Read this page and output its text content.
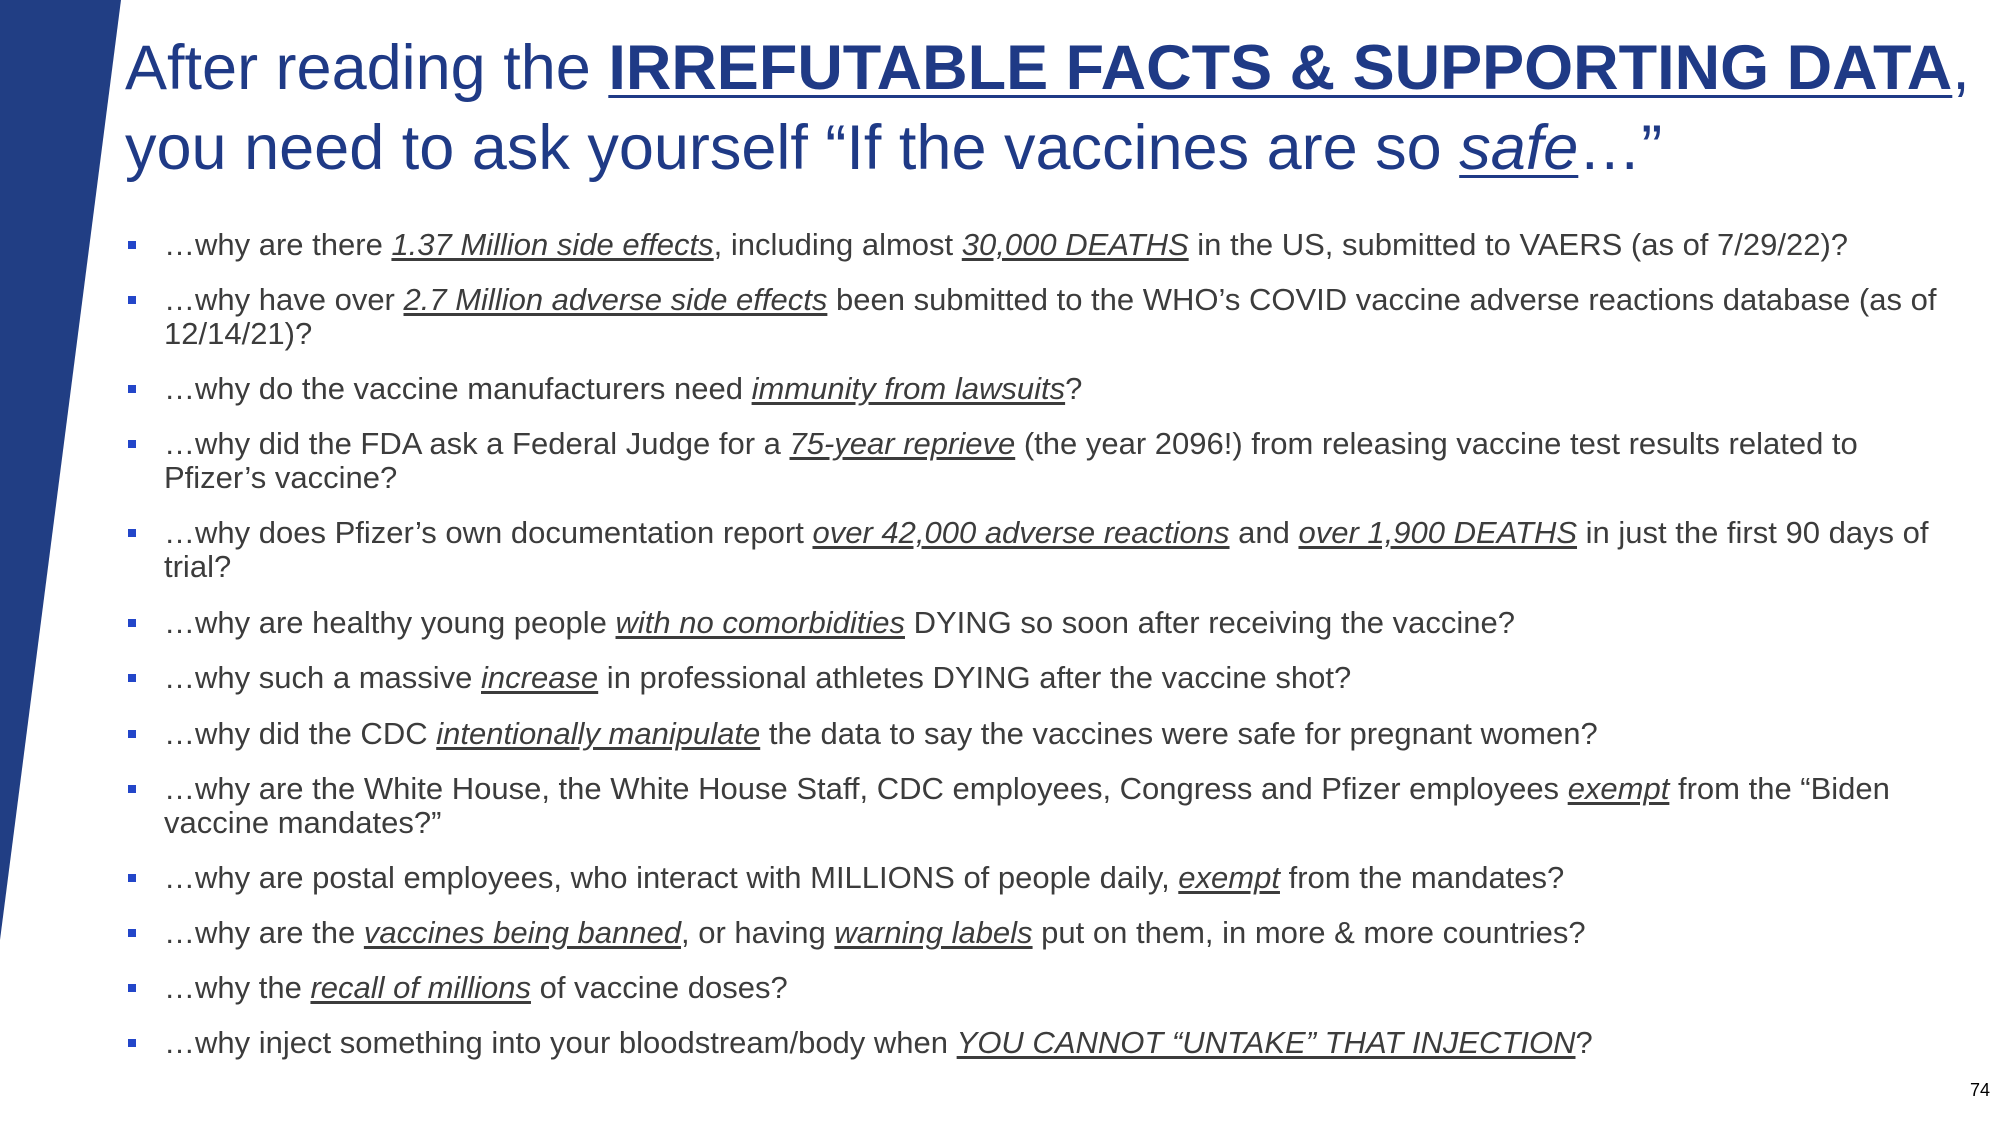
After reading the IRREFUTABLE FACTS & SUPPORTING DATA,
you need to ask yourself “If the vaccines are so safe…”
…why are there 1.37 Million side effects, including almost 30,000 DEATHS in the US, submitted to VAERS (as of 7/29/22)?
…why have over 2.7 Million adverse side effects been submitted to the WHO’s COVID vaccine adverse reactions database (as of 12/14/21)?
…why do the vaccine manufacturers need immunity from lawsuits?
…why did the FDA ask a Federal Judge for a 75-year reprieve (the year 2096!) from releasing vaccine test results related to Pfizer’s vaccine?
…why does Pfizer’s own documentation report over 42,000 adverse reactions and over 1,900 DEATHS in just the first 90 days of trial?
…why are healthy young people with no comorbidities DYING so soon after receiving the vaccine?
…why such a massive increase in professional athletes DYING after the vaccine shot?
…why did the CDC intentionally manipulate the data to say the vaccines were safe for pregnant women?
…why are the White House, the White House Staff, CDC employees, Congress and Pfizer employees exempt from the “Biden vaccine mandates?”
…why are postal employees, who interact with MILLIONS of people daily, exempt from the mandates?
…why are the vaccines being banned, or having warning labels put on them, in more & more countries?
…why the recall of millions of vaccine doses?
…why inject something into your bloodstream/body when YOU CANNOT “UNTAKE” THAT INJECTION?
74
